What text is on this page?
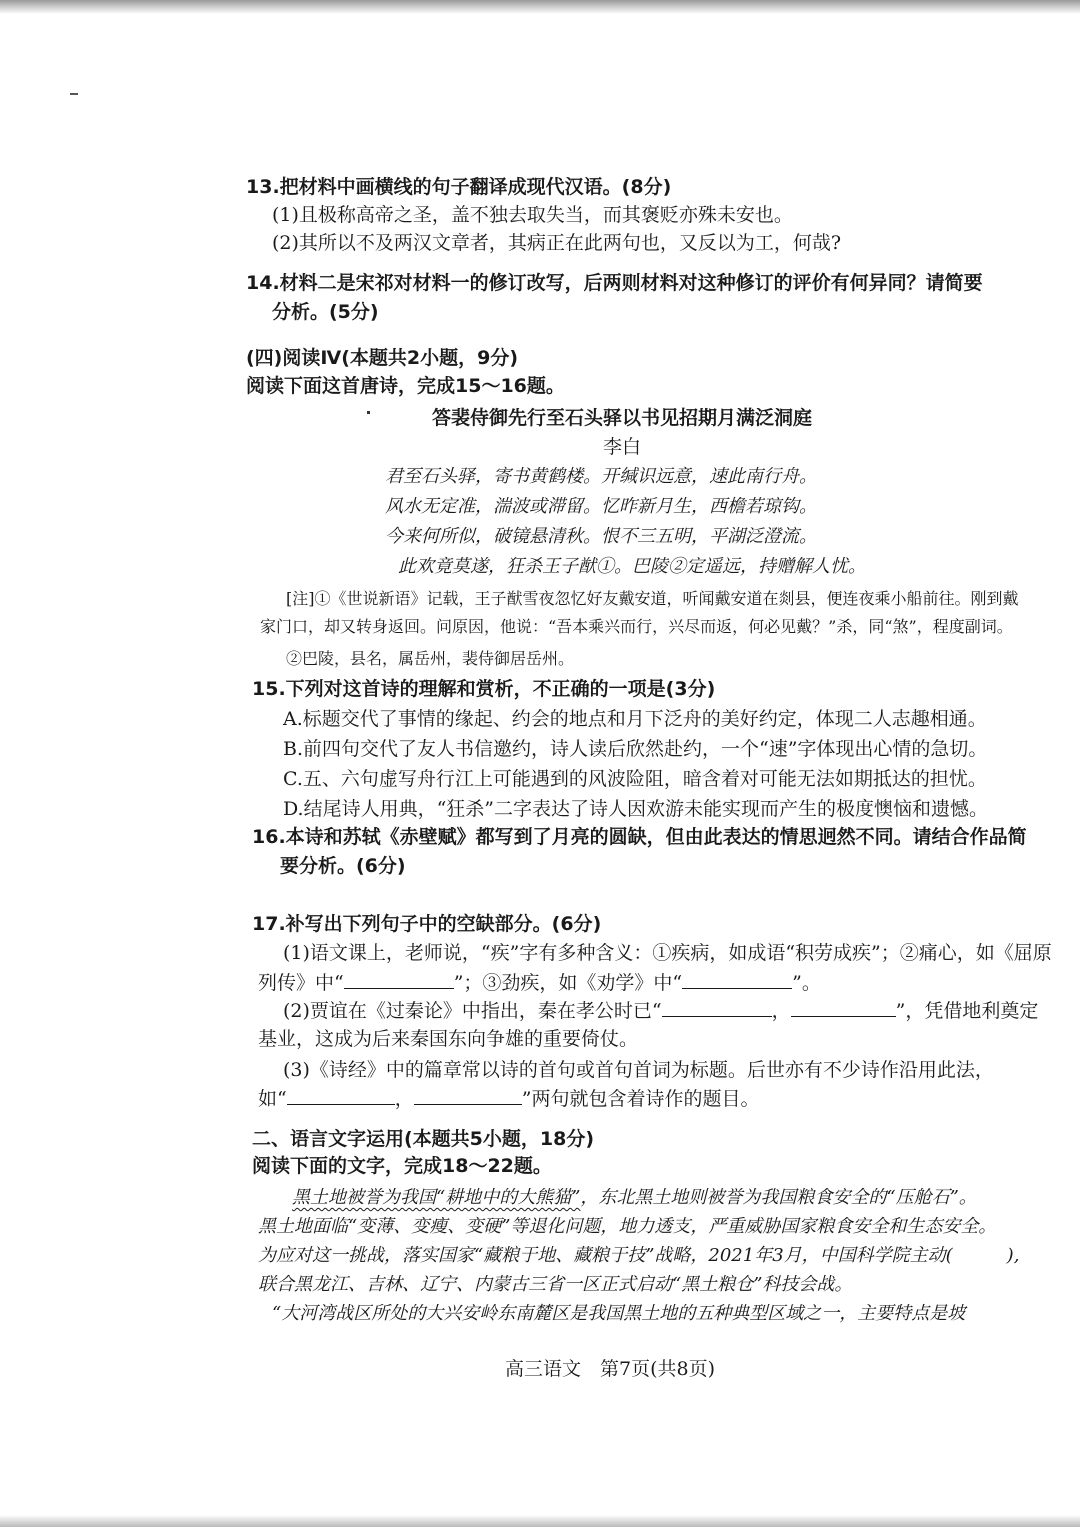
13.把材料中画横线的句子翻译成现代汉语。(8分)
(1)且极称高帝之圣，盖不独去取失当，而其褒贬亦殊未安也。
(2)其所以不及两汉文章者，其病正在此两句也，又反以为工，何哉?
14.材料二是宋祁对材料一的修订改写，后两则材料对这种修订的评价有何异同？请简要
分析。(5分)
(四)阅读Ⅳ(本题共2小题，9分)
阅读下面这首唐诗，完成15～16题。
答裴侍御先行至石头驿以书见招期月满泛洞庭
李白
君至石头驿，寄书黄鹤楼。开缄识远意，速此南行舟。
风水无定准，湍波或滞留。忆昨新月生，西檐若琼钩。
今来何所似，破镜悬清秋。恨不三五明，平湖泛澄流。
此欢竟莫遂，狂杀王子猷①。巴陵②定遥远，持赠解人忧。
[注]①《世说新语》记载，王子猷雪夜忽忆好友戴安道，听闻戴安道在剡县，便连夜乘小船前往。刚到戴
家门口，却又转身返回。问原因，他说：“吾本乘兴而行，兴尽而返，何必见戴？”杀，同“煞”，程度副词。
②巴陵，县名，属岳州，裴侍御居岳州。
15.下列对这首诗的理解和赏析，不正确的一项是(3分)
A.标题交代了事情的缘起、约会的地点和月下泛舟的美好约定，体现二人志趣相通。
B.前四句交代了友人书信邀约，诗人读后欣然赴约，一个“速”字体现出心情的急切。
C.五、六句虚写舟行江上可能遇到的风波险阻，暗含着对可能无法如期抵达的担忧。
D.结尾诗人用典，“狂杀”二字表达了诗人因欢游未能实现而产生的极度懊恼和遗憾。
16.本诗和苏轼《赤壁赋》都写到了月亮的圆缺，但由此表达的情思迥然不同。请结合作品简
要分析。(6分)
17.补写出下列句子中的空缺部分。(6分)
(1)语文课上，老师说，“疾”字有多种含义：①疾病，如成语“积劳成疾”；②痛心，如《屈原
列传》中“	”；③劲疾，如《劝学》中“	”。
(2)贾谊在《过秦论》中指出，秦在孝公时已“	，	”，凭借地利奠定
基业，这成为后来秦国东向争雄的重要倚仗。
(3)《诗经》中的篇章常以诗的首句或首句首词为标题。后世亦有不少诗作沿用此法，
如“	，	”两句就包含着诗作的题目。
二、语言文字运用(本题共5小题，18分)
阅读下面的文字，完成18～22题。
黑土地被誉为我国“耕地中的大熊猫”，东北黑土地则被誉为我国粮食安全的“压舱石”。
黑土地面临“变薄、变瘦、变硬”等退化问题，地力透支，严重威胁国家粮食安全和生态安全。
为应对这一挑战，落实国家“藏粮于地、藏粮于技”战略，2021年3月，中国科学院主动(　　　),
联合黑龙江、吉林、辽宁、内蒙古三省一区正式启动“黑土粮仓”科技会战。
“大河湾战区所处的大兴安岭东南麓区是我国黑土地的五种典型区域之一，主要特点是坡
高三语文　第7页(共8页)
